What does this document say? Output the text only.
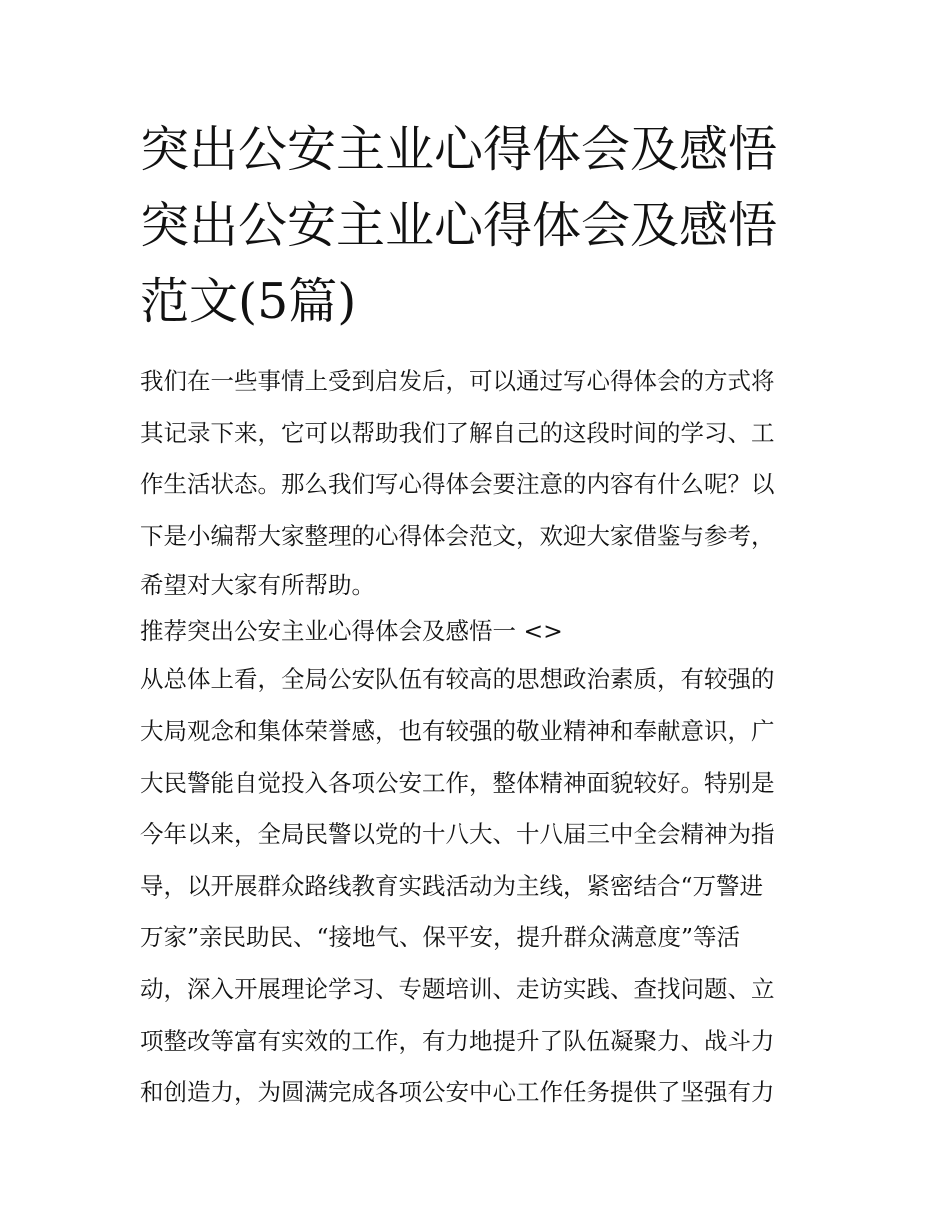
突出公安主业心得体会及感悟
突出公安主业心得体会及感悟
范文(5篇)
我们在一些事情上受到启发后，可以通过写心得体会的方式将
其记录下来，它可以帮助我们了解自己的这段时间的学习、工
作生活状态。那么我们写心得体会要注意的内容有什么呢？以
下是小编帮大家整理的心得体会范文，欢迎大家借鉴与参考，
希望对大家有所帮助。
推荐突出公安主业心得体会及感悟一 <>
从总体上看，全局公安队伍有较高的思想政治素质，有较强的
大局观念和集体荣誉感，也有较强的敬业精神和奉献意识，广
大民警能自觉投入各项公安工作，整体精神面貌较好。特别是
今年以来，全局民警以党的十八大、十八届三中全会精神为指
导，以开展群众路线教育实践活动为主线，紧密结合“万警进
万家”亲民助民、“接地气、保平安，提升群众满意度”等活
动，深入开展理论学习、专题培训、走访实践、查找问题、立
项整改等富有实效的工作，有力地提升了队伍凝聚力、战斗力
和创造力，为圆满完成各项公安中心工作任务提供了坚强有力
